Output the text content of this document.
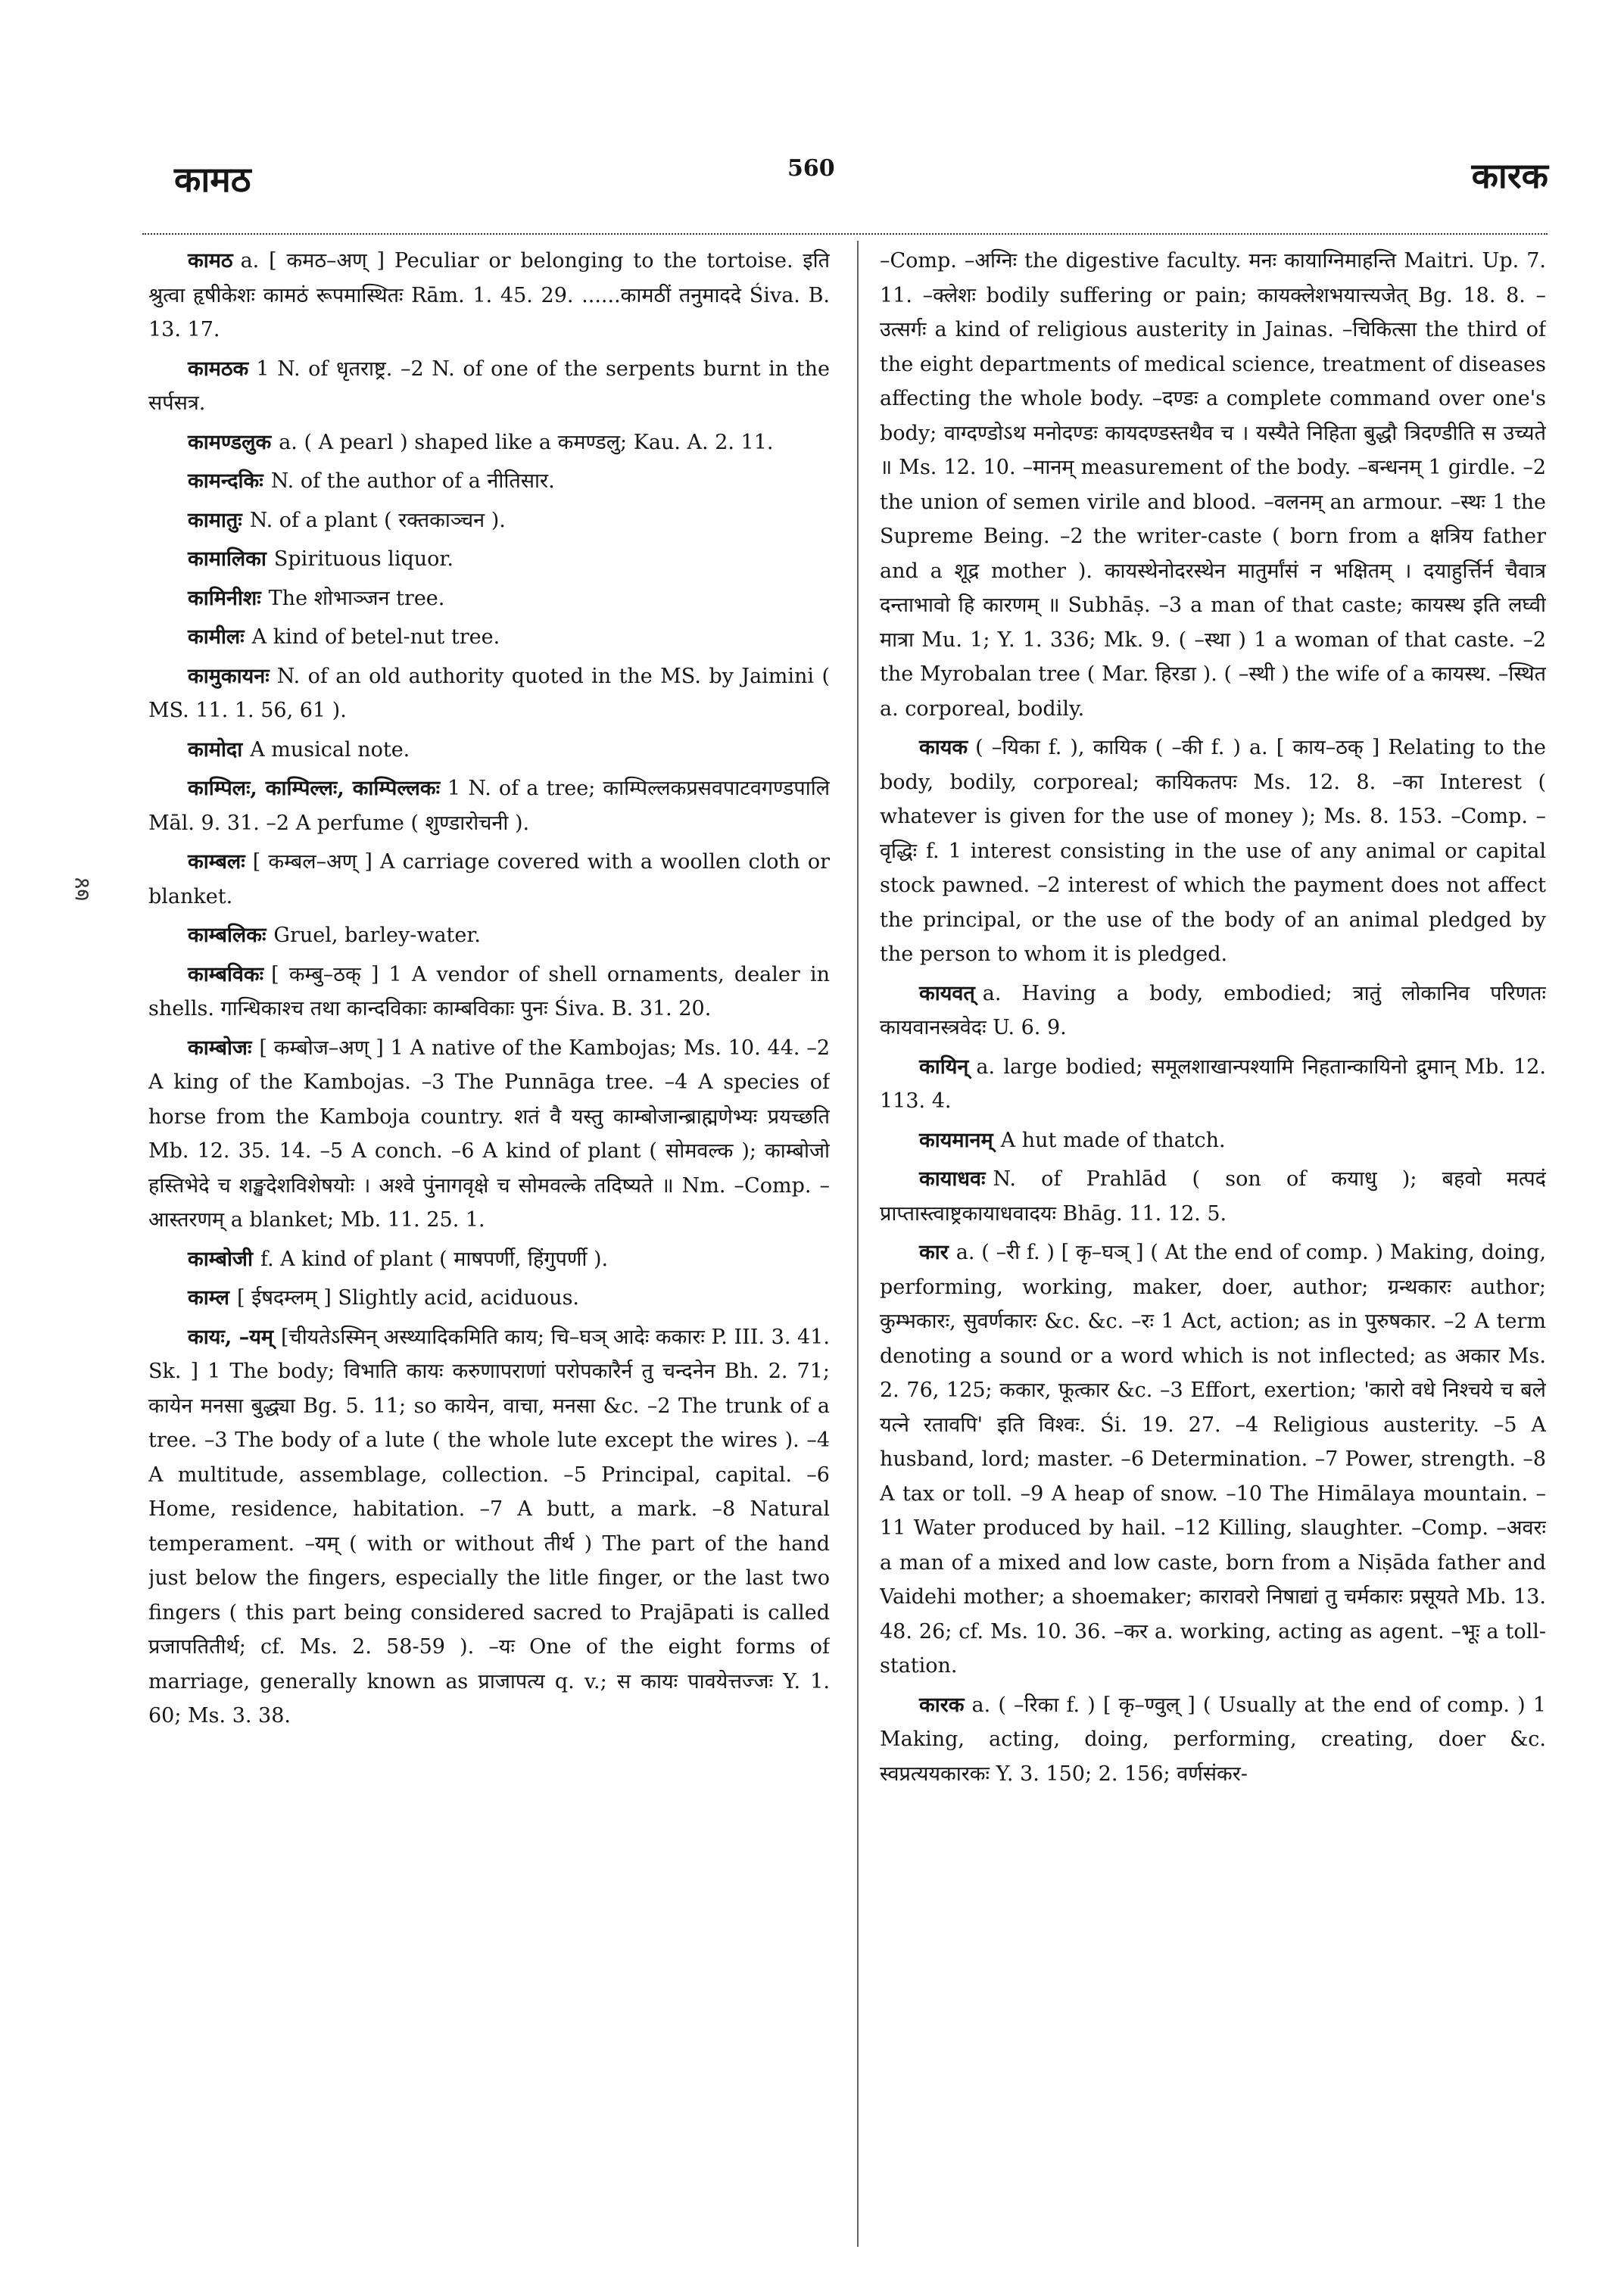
कामठ	560	कारक
७४

कामठ a. [ कमठ–अण् ] Peculiar or belonging to the tortoise. इति श्रुत्वा हृषीकेशः कामठं रूपमास्थितः Rām. 1. 45. 29. ......कामठीं तनुमाददे Śiva. B. 13. 17.

कामठक 1 N. of धृतराष्ट्र. –2 N. of one of the serpents burnt in the सर्पसत्र.

कामण्डलुक a. ( A pearl ) shaped like a कमण्डलु; Kau. A. 2. 11.

कामन्दकिः N. of the author of a नीतिसार.

कामातुः N. of a plant ( रक्तकाञ्चन ).

कामालिका Spirituous liquor.

कामिनीशः The शोभाञ्जन tree.

कामीलः A kind of betel-nut tree.

कामुकायनः N. of an old authority quoted in the MS. by Jaimini ( MS. 11. 1. 56, 61 ).

कामोदा A musical note.

काम्पिलः, काम्पिल्लः, काम्पिल्लकः 1 N. of a tree; काम्पिल्लकप्रसवपाटवगण्डपालि Māl. 9. 31. –2 A perfume ( शुण्डारोचनी ).

काम्बलः [ कम्बल–अण् ] A carriage covered with a woollen cloth or blanket.

काम्बलिकः Gruel, barley-water.

काम्बविकः [ कम्बु–ठक् ] 1 A vendor of shell ornaments, dealer in shells. गान्धिकाश्च तथा कान्दविकाः काम्बविकाः पुनः Śiva. B. 31. 20.

काम्बोजः [ कम्बोज–अण् ] 1 A native of the Kambojas; Ms. 10. 44. –2 A king of the Kambojas. –3 The Punnāga tree. –4 A species of horse from the Kamboja country. शतं वै यस्तु काम्बोजान्ब्राह्मणेभ्यः प्रयच्छति Mb. 12. 35. 14. –5 A conch. –6 A kind of plant ( सोमवल्क ); काम्बोजो हस्तिभेदे च शङ्खदेशविशेषयोः । अश्वे पुंनागवृक्षे च सोमवल्के तदिष्यते ॥ Nm. –Comp. –आस्तरणम् a blanket; Mb. 11. 25. 1.

काम्बोजी f. A kind of plant ( माषपर्णी, हिंगुपर्णी ).

काम्ल [ ईषदम्लम् ] Slightly acid, aciduous.

कायः, –यम् [चीयतेऽस्मिन् अस्थ्यादिकमिति काय; चि–घञ् आदेः ककारः P. III. 3. 41. Sk. ] 1 The body; विभाति कायः करुणापराणां परोपकारैर्न तु चन्दनेन Bh. 2. 71; कायेन मनसा बुद्ध्या Bg. 5. 11; so कायेन, वाचा, मनसा &c. –2 The trunk of a tree. –3 The body of a lute ( the whole lute except the wires ). –4 A multitude, assemblage, collection. –5 Principal, capital. –6 Home, residence, habitation. –7 A butt, a mark. –8 Natural temperament. –यम् ( with or without तीर्थ ) The part of the hand just below the fingers, especially the litle finger, or the last two fingers ( this part being considered sacred to Prajāpati is called प्रजापतितीर्थ; cf. Ms. 2. 58-59 ). –यः One of the eight forms of marriage, generally known as प्राजापत्य q. v.; स कायः पावयेत्तज्जः Y. 1. 60; Ms. 3. 38.

–Comp. –अग्निः the digestive faculty. मनः कायाग्निमाहन्ति Maitri. Up. 7. 11. –क्लेशः bodily suffering or pain; कायक्लेशभयात्त्यजेत् Bg. 18. 8. –उत्सर्गः a kind of religious austerity in Jainas. –चिकित्सा the third of the eight departments of medical science, treatment of diseases affecting the whole body. –दण्डः a complete command over one's body; वाग्दण्डोऽथ मनोदण्डः कायदण्डस्तथैव च । यस्यैते निहिता बुद्धौ त्रिदण्डीति स उच्यते ॥ Ms. 12. 10. –मानम् measurement of the body. –बन्धनम् 1 girdle. –2 the union of semen virile and blood. –वलनम् an armour. –स्थः 1 the Supreme Being. –2 the writer-caste ( born from a क्षत्रिय father and a शूद्र mother ). कायस्थेनोदरस्थेन मातुर्मांसं न भक्षितम् । दयाहुर्त्तिर्न चैवात्र दन्ताभावो हि कारणम् ॥ Subhāṣ. –3 a man of that caste; कायस्थ इति लघ्वी मात्रा Mu. 1; Y. 1. 336; Mk. 9. ( –स्था ) 1 a woman of that caste. –2 the Myrobalan tree ( Mar. हिरडा ). ( –स्थी ) the wife of a कायस्थ. –स्थित a. corporeal, bodily.

कायक ( –यिका f. ), कायिक ( –की f. ) a. [ काय–ठक् ] Relating to the body, bodily, corporeal; कायिकतपः Ms. 12. 8. –का Interest ( whatever is given for the use of money ); Ms. 8. 153. –Comp. –वृद्धिः f. 1 interest consisting in the use of any animal or capital stock pawned. –2 interest of which the payment does not affect the principal, or the use of the body of an animal pledged by the person to whom it is pledged.

कायवत् a. Having a body, embodied; त्रातुं लोकानिव परिणतः कायवानस्त्रवेदः U. 6. 9.

कायिन् a. large bodied; समूलशाखान्पश्यामि निहतान्कायिनो द्रुमान् Mb. 12. 113. 4.

कायमानम् A hut made of thatch.

कायाधवः N. of Prahlād ( son of कयाधु ); बहवो मत्पदं प्राप्तास्त्वाष्ट्रकायाधवादयः Bhāg. 11. 12. 5.

कार a. ( –री f. ) [ कृ–घञ् ] ( At the end of comp. ) Making, doing, performing, working, maker, doer, author; ग्रन्थकारः author; कुम्भकारः, सुवर्णकारः &c. &c. –रः 1 Act, action; as in पुरुषकार. –2 A term denoting a sound or a word which is not inflected; as अकार Ms. 2. 76, 125; ककार, फूत्कार &c. –3 Effort, exertion; 'कारो वधे निश्चये च बले यत्ने रतावपि' इति विश्वः. Śi. 19. 27. –4 Religious austerity. –5 A husband, lord; master. –6 Determination. –7 Power, strength. –8 A tax or toll. –9 A heap of snow. –10 The Himālaya mountain. –11 Water produced by hail. –12 Killing, slaughter. –Comp. –अवरः a man of a mixed and low caste, born from a Niṣāda father and Vaidehi mother; a shoemaker; कारावरो निषाद्यां तु चर्मकारः प्रसूयते Mb. 13. 48. 26; cf. Ms. 10. 36. –कर a. working, acting as agent. –भूः a toll-station.

कारक a. ( –रिका f. ) [ कृ–ण्वुल् ] ( Usually at the end of comp. ) 1 Making, acting, doing, performing, creating, doer &c. स्वप्रत्ययकारकः Y. 3. 150; 2. 156; वर्णसंकर-
